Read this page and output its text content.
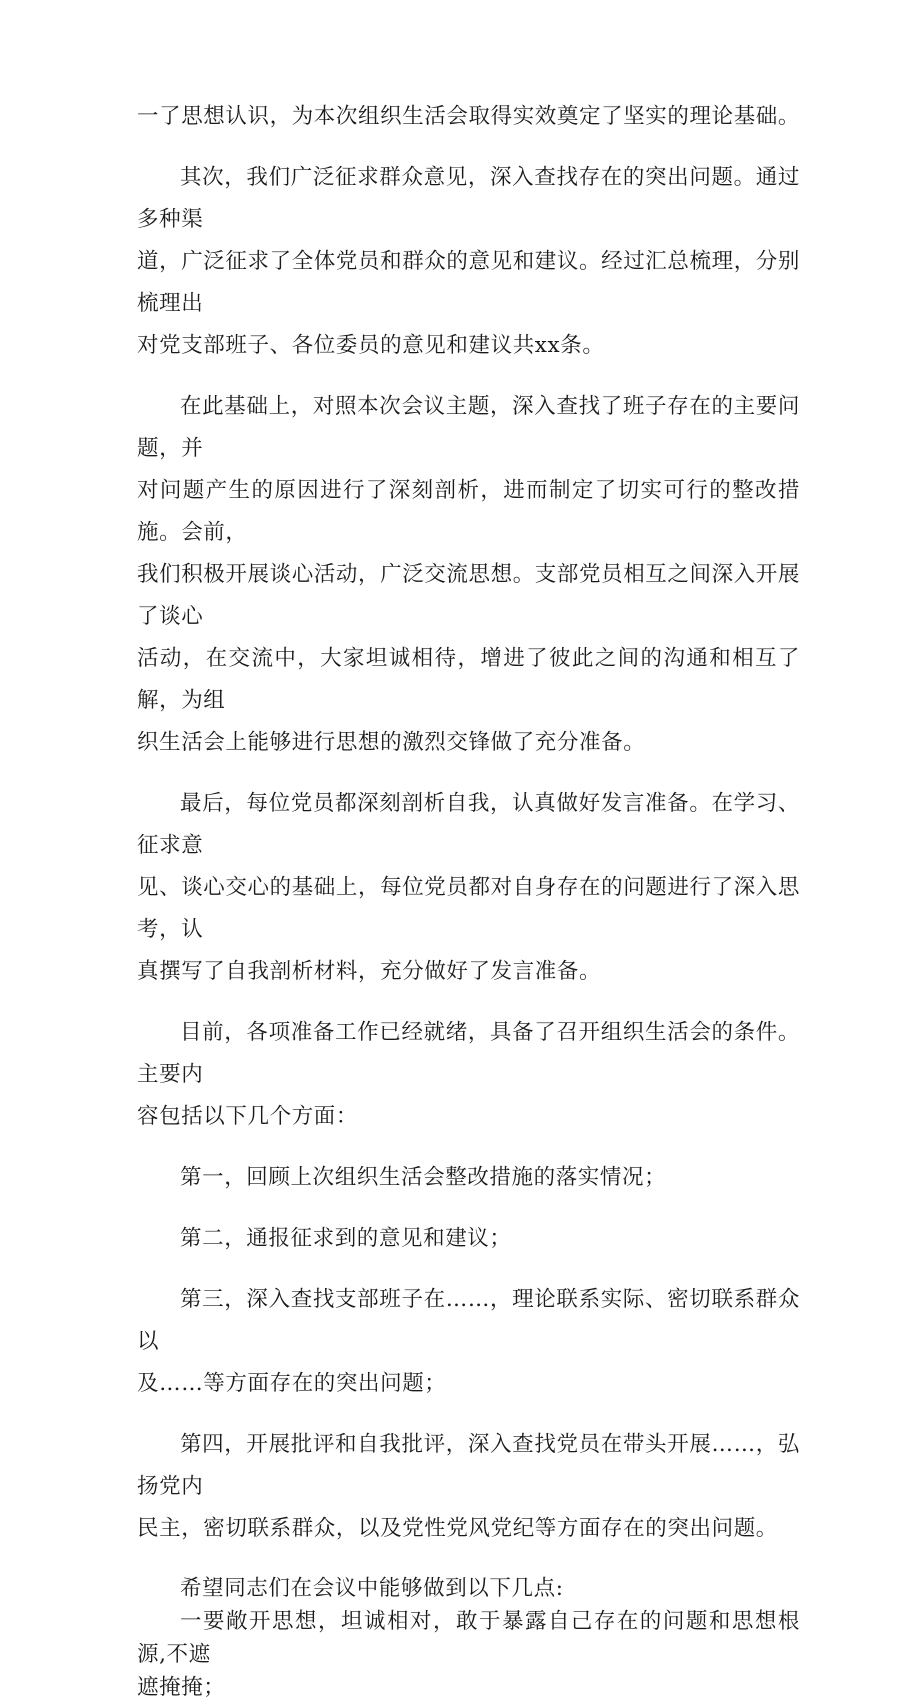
一了思想认识，为本次组织生活会取得实效奠定了坚实的理论基础。

其次，我们广泛征求群众意见，深入查找存在的突出问题。通过多种渠
道，广泛征求了全体党员和群众的意见和建议。经过汇总梳理，分别梳理出
对党支部班子、各位委员的意见和建议共xx条。

在此基础上，对照本次会议主题，深入查找了班子存在的主要问题，并
对问题产生的原因进行了深刻剖析，进而制定了切实可行的整改措施。会前，
我们积极开展谈心活动，广泛交流思想。支部党员相互之间深入开展了谈心
活动，在交流中，大家坦诚相待，增进了彼此之间的沟通和相互了解，为组
织生活会上能够进行思想的激烈交锋做了充分准备。

最后，每位党员都深刻剖析自我，认真做好发言准备。在学习、征求意
见、谈心交心的基础上，每位党员都对自身存在的问题进行了深入思考，认
真撰写了自我剖析材料，充分做好了发言准备。

目前，各项准备工作已经就绪，具备了召开组织生活会的条件。主要内
容包括以下几个方面：

第一，回顾上次组织生活会整改措施的落实情况；

第二，通报征求到的意见和建议；

第三，深入查找支部班子在……，理论联系实际、密切联系群众以
及……等方面存在的突出问题；

第四，开展批评和自我批评，深入查找党员在带头开展……，弘扬党内
民主，密切联系群众，以及党性党风党纪等方面存在的突出问题。

希望同志们在会议中能够做到以下几点:

一要敞开思想，坦诚相对，敢于暴露自己存在的问题和思想根源,不遮
遮掩掩；
